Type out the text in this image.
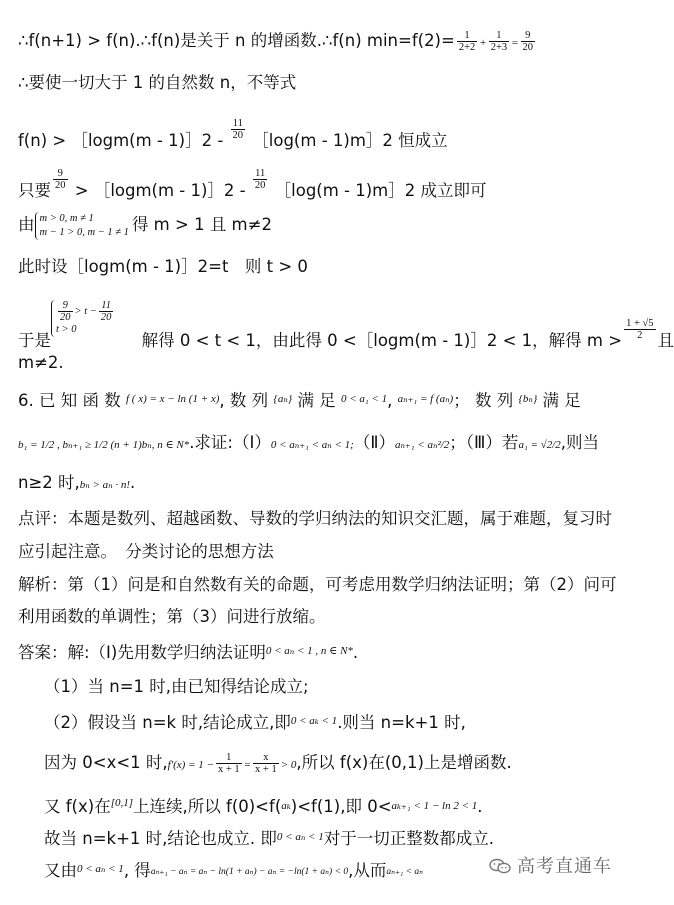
∴f(n+1) > f(n).∴f(n)是关于 n 的增函数.∴f(n) $\min=f(2)= \frac{1}{2+2} + \frac{1}{2+3} = \frac{9}{20}$
∴要使一切大于 1 的自然数 n，不等式
f(n) > ［logm(m - 1)］2 - $\frac{11}{20}$ ［log(m - 1)m］2 恒成立
只要 $\frac{9}{20}$ > ［logm(m - 1)］2 - $\frac{11}{20}$ ［log(m - 1)m］2 成立即可
由 m > 0, m ≠ 1
m − 1 > 0, m − 1 ≠ 1 得 m > 1 且 m≠2
此时设［logm(m - 1)］2=t　则 t > 0
于是
$\frac{9}{20} > t - \frac{11}{20}$
t > 0
解得 0 < t < 1，由此得 0 <［logm(m - 1)］2 < 1，解得 $m > \frac{1 + √5}{2}$ 且
m≠2.
6. 已 知 函 数 $^{f ( x) = x - ln (1 + x)}$, 数 列 $^{\{a_n\}}$ 满 足 $^{0 < a_1 < 1}$, $^{a_{n+1} = f (a_n)}$； 数 列 $^{\{b_n\}}$ 满 足
b₁ = 1/2 , bₙ₊₁ ≥ 1/2 (n + 1)bₙ, n ∈ N*.求证:（Ⅰ）0 < aₙ₊₁ < aₙ < 1;（Ⅱ）aₙ₊₁ < aₙ²/2；（Ⅲ）若a₁ = √2/2,则当
n≥2 时,bₙ > aₙ · n!.
点评：本题是数列、超越函数、导数的学归纳法的知识交汇题，属于难题，复习时
应引起注意。　分类讨论的思想方法
解析：第（1）问是和自然数有关的命题，可考虑用数学归纳法证明；第（2）问可
利用函数的单调性；第（3）问进行放缩。
答案：解:（Ⅰ)先用数学归纳法证明$^{0 < a_n < 1 , n \in N*}$.
（1）当 n=1 时,由已知得结论成立;
（2）假设当 n=k 时,结论成立,即$^{0 < a_k < 1}$.则当 n=k+1 时,
因为 0<x<1 时$,f'(x) = 1 - \frac{1}{x + 1} = \frac{x}{x + 1} > 0$,所以 f(x)在(0,1)上是增函数.
又 f(x)在[0,1]上连续,所以 f(0)<f(aₖ)<f(1),即 0<aₖ₊₁ < 1 − ln 2 < 1.
故当 n=k+1 时,结论也成立. 即$^{0 < a_n < 1}$对于一切正整数都成立.
又由$^{0 < a_n < 1}$, 得aₙ₊₁ − aₙ = aₙ − ln(1 + aₙ) − aₙ = −ln(1 + aₙ) < 0,从而aₙ₊₁ < aₙ	高考直通车
